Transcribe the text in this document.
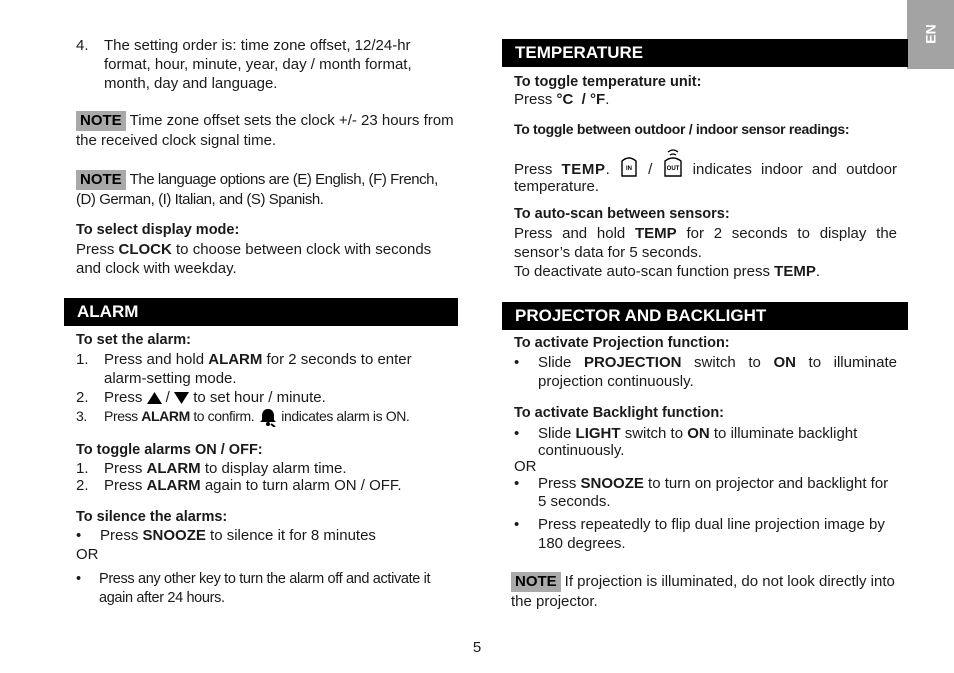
EN
4.	The setting order is: time zone offset, 12/24-hr format, hour, minute, year, day / month format, month, day and language.
NOTE Time zone offset sets the clock +/- 23 hours from the received clock signal time.
NOTE The language options are (E) English, (F) French, (D) German, (I) Italian, and (S) Spanish.
To select display mode:
Press CLOCK to choose between clock with seconds and clock with weekday.
ALARM
To set the alarm:
1.	Press and hold ALARM for 2 seconds to enter alarm-setting mode.
2.	Press  /  to set hour / minute.
3.	Press ALARM to confirm.  indicates alarm is ON.
To toggle alarms ON / OFF:
1.	Press ALARM to display alarm time.
2.	Press ALARM again to turn alarm ON / OFF.
To silence the alarms:
•	Press SNOOZE to silence it for 8 minutes
OR
•	Press any other key to turn the alarm off and activate it again after 24 hours.
TEMPERATURE
To toggle temperature unit:
Press °C  / °F.
To toggle between outdoor / indoor sensor readings:
Press TEMP.	IN / OUT indicates indoor and outdoor temperature.
To auto-scan between sensors:
Press and hold TEMP for 2 seconds to display the sensor’s data for 5 seconds.
To deactivate auto-scan function press TEMP.
PROJECTOR AND BACKLIGHT
To activate Projection function:
•	Slide PROJECTION switch to ON to illuminate projection continuously.
To activate Backlight function:
•	Slide LIGHT switch to ON to illuminate backlight continuously.
OR
•	Press SNOOZE to turn on projector and backlight for 5 seconds.
•	Press repeatedly to flip dual line projection image by 180 degrees.
NOTE If projection is illuminated, do not look directly into the projector.
5
